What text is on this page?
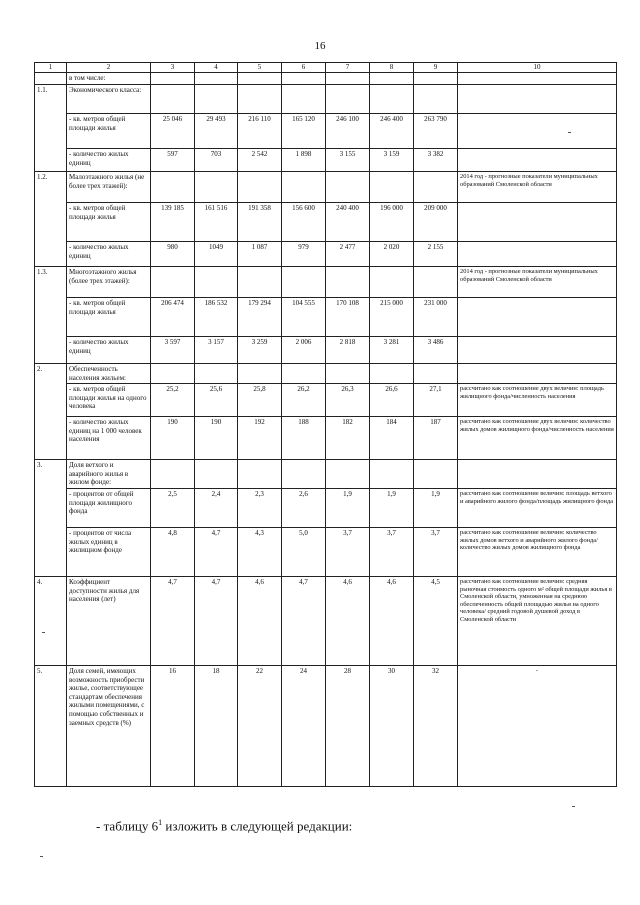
16
1	2	3	4	5	6	7	8	9	10
	в том числе:								
1.1.	Экономического класса:								
	- кв. метров общей площади жилья	25 046	29 493	216 110	165 120	246 100	246 400	263 790	
	- количество жилых единиц	597	703	2 542	1 898	3 155	3 159	3 382	
1.2.	Малоэтажного жилья (не более трех этажей):								2014 год - прогнозные показатели муниципальных образований Смоленской области
	- кв. метров общей площади жилья	139 185	161 516	191 358	156 600	240 400	196 000	209 000	
	- количество жилых единиц	980	1049	1 087	979	2 477	2 020	2 155	
1.3.	Многоэтажного жилья (более трех этажей):								2014 год - прогнозные показатели муниципальных образований Смоленской области
	- кв. метров общей площади жилья	206 474	186 532	179 294	104 555	170 108	215 000	231 000	
	- количество жилых единиц	3 597	3 157	3 259	2 006	2 818	3 281	3 486	
2.	Обеспеченность населения жильем:								
	- кв. метров общей площади жилья на одного человека	25,2	25,6	25,8	26,2	26,3	26,6	27,1	рассчитано как соотношение двух величин: площадь жилищного фонда/численность населения
	- количество жилых единиц на 1 000 человек населения	190	190	192	188	182	184	187	рассчитано как соотношение двух величин: количество жилых домов жилищного фонда/численность населения
3.	Доля ветхого и аварийного жилья в жилом фонде:								
	- процентов от общей площади жилищного фонда	2,5	2,4	2,3	2,6	1,9	1,9	1,9	рассчитано как соотношение величин: площадь ветхого и аварийного жилого фонда/площадь жилищного фонда
	- процентов от числа жилых единиц в жилищном фонде	4,8	4,7	4,3	5,0	3,7	3,7	3,7	рассчитано как соотношение величин: количество жилых домов ветхого и аварийного жилого фонда/количество жилых домов жилищного фонда
4.	Коэффициент доступности жилья для населения (лет)	4,7	4,7	4,6	4,7	4,6	4,6	4,5	рассчитано как соотношение величин: средняя рыночная стоимость одного м² общей площади жилья в Смоленской области, умноженная на среднюю обеспеченность общей площадью жилья на одного человека/ средний годовой душевой доход в Смоленской области
5.	Доля семей, имеющих возможность приобрести жилье, соответствующее стандартам обеспечения жилыми помещениями, с помощью собственных и заемных средств (%)	16	18	22	24	28	30	32	-
- таблицу $6^1$ изложить в следующей редакции:
